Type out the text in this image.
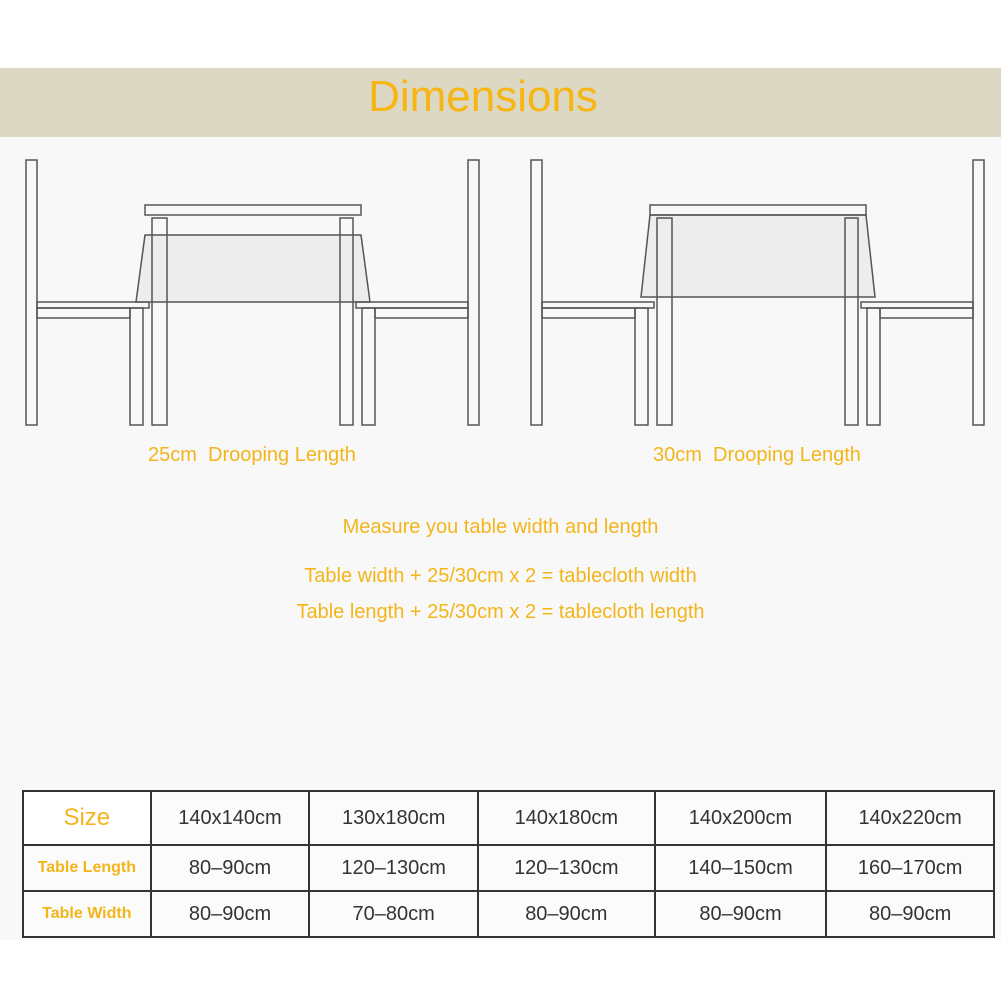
Dimensions
25cm  Drooping Length	30cm  Drooping Length
Measure you table width and length
Table width + 25/30cm x 2 = tablecloth width
Table length + 25/30cm x 2 = tablecloth length
Size	140x140cm	130x180cm	140x180cm	140x200cm	140x220cm
Table Length	80–90cm	120–130cm	120–130cm	140–150cm	160–170cm
Table Width	80–90cm	70–80cm	80–90cm	80–90cm	80–90cm
